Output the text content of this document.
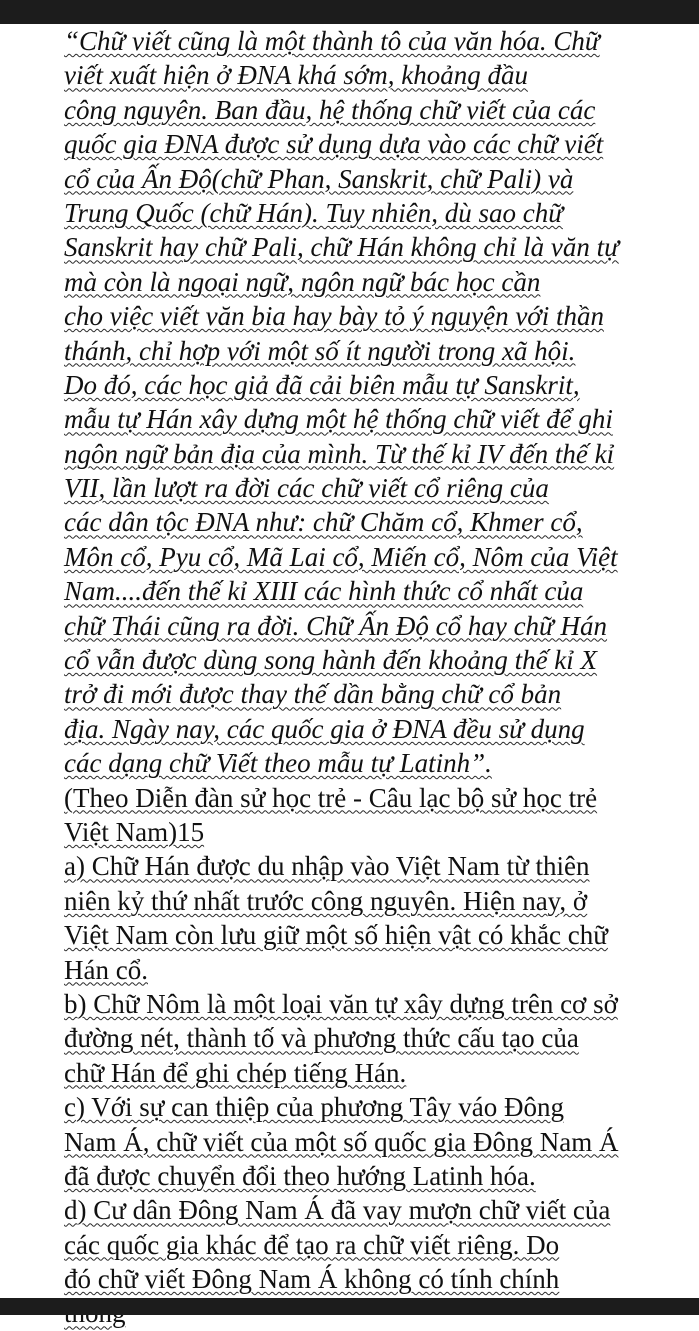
“Chữ viết cũng là một thành tô của văn hóa. Chữ
viết xuất hiện ở ĐNA khá sớm, khoảng đầu
công nguyên. Ban đầu, hệ thống chữ viết của các
quốc gia ĐNA được sử dụng dựa vào các chữ viết
cổ của Ấn Độ(chữ Phan, Sanskrit, chữ Pali) và
Trung Quốc (chữ Hán). Tuy nhiên, dù sao chữ
Sanskrit hay chữ Pali, chữ Hán không chỉ là văn tự
mà còn là ngoại ngữ, ngôn ngữ bác học cần
cho việc viết văn bia hay bày tỏ ý nguyện với thần
thánh, chỉ hợp với một số ít người trong xã hội.
Do đó, các học giả đã cải biên mẫu tự Sanskrit,
mẫu tự Hán xây dựng một hệ thống chữ viết để ghi
ngôn ngữ bản địa của mình. Từ thế kỉ IV đến thế kỉ
VII, lần lượt ra đời các chữ viết cổ riêng của
các dân tộc ĐNA như: chữ Chăm cổ, Khmer cổ,
Môn cổ, Pyu cổ, Mã Lai cổ, Miến cổ, Nôm của Việt
Nam....đến thế kỉ XIII các hình thức cổ nhất của
chữ Thái cũng ra đời. Chữ Ấn Độ cổ hay chữ Hán
cổ vẫn được dùng song hành đến khoảng thế kỉ X
trở đi mới được thay thế dần bằng chữ cổ bản
địa. Ngày nay, các quốc gia ở ĐNA đều sử dụng
các dạng chữ Viết theo mẫu tự Latinh”.
(Theo Diễn đàn sử học trẻ - Câu lạc bộ sử học trẻ
Việt Nam)15
a) Chữ Hán được du nhập vào Việt Nam từ thiên
niên kỷ thứ nhất trước công nguyên. Hiện nay, ở
Việt Nam còn lưu giữ một số hiện vật có khắc chữ
Hán cổ.
b) Chữ Nôm là một loại văn tự xây dựng trên cơ sở
đường nét, thành tố và phương thức cấu tạo của
chữ Hán để ghi chép tiếng Hán.
c) Với sự can thiệp của phương Tây váo Đông
Nam Á, chữ viết của một số quốc gia Đông Nam Á
đã được chuyển đổi theo hướng Latinh hóa.
d) Cư dân Đông Nam Á đã vay mượn chữ viết của
các quốc gia khác để tạo ra chữ viết riêng. Do
đó chữ viết Đông Nam Á không có tính chính
